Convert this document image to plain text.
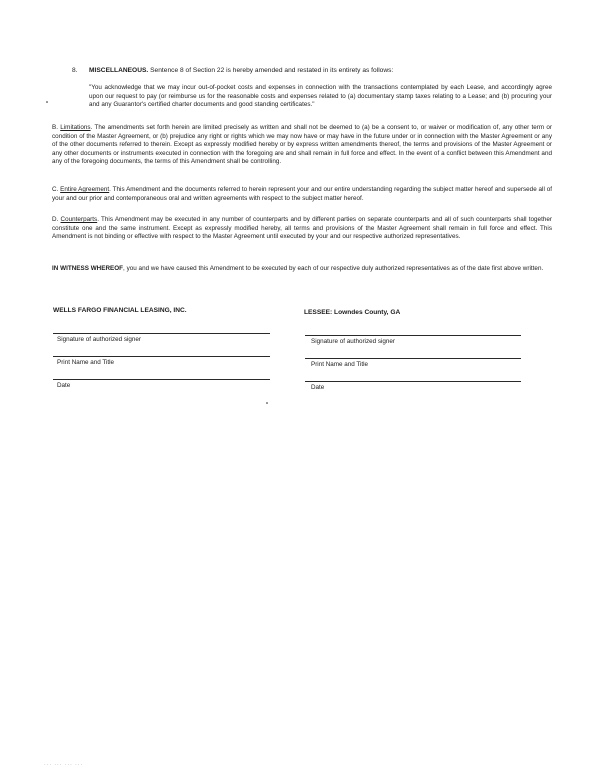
8. MISCELLANEOUS. Sentence 8 of Section 22 is hereby amended and restated in its entirety as follows:
"You acknowledge that we may incur out-of-pocket costs and expenses in connection with the transactions contemplated by each Lease, and accordingly agree upon our request to pay (or reimburse us for the reasonable costs and expenses related to (a) documentary stamp taxes relating to a Lease; and (b) procuring your and any Guarantor's certified charter documents and good standing certificates."
B. Limitations. The amendments set forth herein are limited precisely as written and shall not be deemed to (a) be a consent to, or waiver or modification of, any other term or condition of the Master Agreement, or (b) prejudice any right or rights which we may now have or may have in the future under or in connection with the Master Agreement or any of the other documents referred to therein. Except as expressly modified hereby or by express written amendments thereof, the terms and provisions of the Master Agreement or any other documents or instruments executed in connection with the foregoing are and shall remain in full force and effect. In the event of a conflict between this Amendment and any of the foregoing documents, the terms of this Amendment shall be controlling.
C. Entire Agreement. This Amendment and the documents referred to herein represent your and our entire understanding regarding the subject matter hereof and supersede all of your and our prior and contemporaneous oral and written agreements with respect to the subject matter hereof.
D. Counterparts. This Amendment may be executed in any number of counterparts and by different parties on separate counterparts and all of such counterparts shall together constitute one and the same instrument. Except as expressly modified hereby, all terms and provisions of the Master Agreement shall remain in full force and effect. This Amendment is not binding or effective with respect to the Master Agreement until executed by your and our respective authorized representatives.
IN WITNESS WHEREOF, you and we have caused this Amendment to be executed by each of our respective duly authorized representatives as of the date first above written.
WELLS FARGO FINANCIAL LEASING, INC.
Signature of authorized signer
Print Name and Title
Date
LESSEE: Lowndes County, GA
Signature of authorized signer
Print Name and Title
Date
··· ··· ··· ···
